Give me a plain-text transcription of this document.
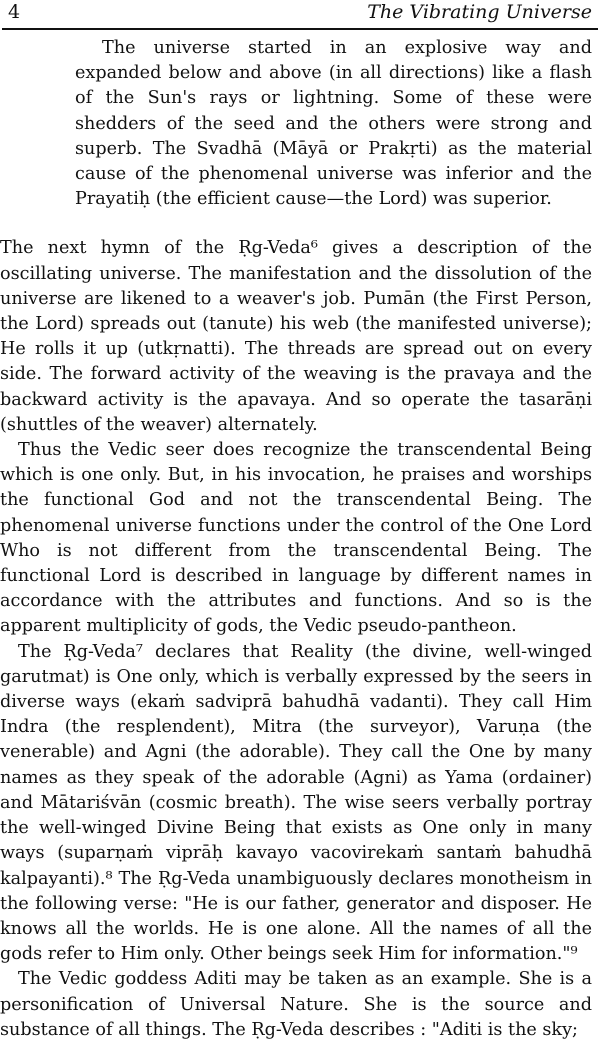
4	The Vibrating Universe

The universe started in an explosive way and expanded below and above (in all directions) like a flash of the Sun's rays or lightning. Some of these were shedders of the seed and the others were strong and superb. The Svadhā (Māyā or Prakṛti) as the material cause of the phenomenal universe was inferior and the Prayatiḥ (the efficient cause—the Lord) was superior.

The next hymn of the Ṛg-Veda⁶ gives a description of the oscillating universe. The manifestation and the dissolution of the universe are likened to a weaver's job. Pumān (the First Person, the Lord) spreads out (tanute) his web (the manifested universe); He rolls it up (utkṛnatti). The threads are spread out on every side. The forward activity of the weaving is the pravaya and the backward activity is the apavaya. And so operate the tasarāṇi (shuttles of the weaver) alternately.

Thus the Vedic seer does recognize the transcendental Being which is one only. But, in his invocation, he praises and worships the functional God and not the transcendental Being. The phenomenal universe functions under the control of the One Lord Who is not different from the transcendental Being. The functional Lord is described in language by different names in accordance with the attributes and functions. And so is the apparent multiplicity of gods, the Vedic pseudo-pantheon.

The Ṛg-Veda⁷ declares that Reality (the divine, well-winged garutmat) is One only, which is verbally expressed by the seers in diverse ways (ekaṁ sadviprā bahudhā vadanti). They call Him Indra (the resplendent), Mitra (the surveyor), Varuṇa (the venerable) and Agni (the adorable). They call the One by many names as they speak of the adorable (Agni) as Yama (ordainer) and Mātariśvān (cosmic breath). The wise seers verbally portray the well-winged Divine Being that exists as One only in many ways (suparṇaṁ viprāḥ kavayo vacovirekaṁ santaṁ bahudhā kalpayanti).⁸ The Ṛg-Veda unambiguously declares monotheism in the following verse: "He is our father, generator and disposer. He knows all the worlds. He is one alone. All the names of all the gods refer to Him only. Other beings seek Him for information."⁹

The Vedic goddess Aditi may be taken as an example. She is a personification of Universal Nature. She is the source and substance of all things. The Ṛg-Veda describes : "Aditi is the sky;
